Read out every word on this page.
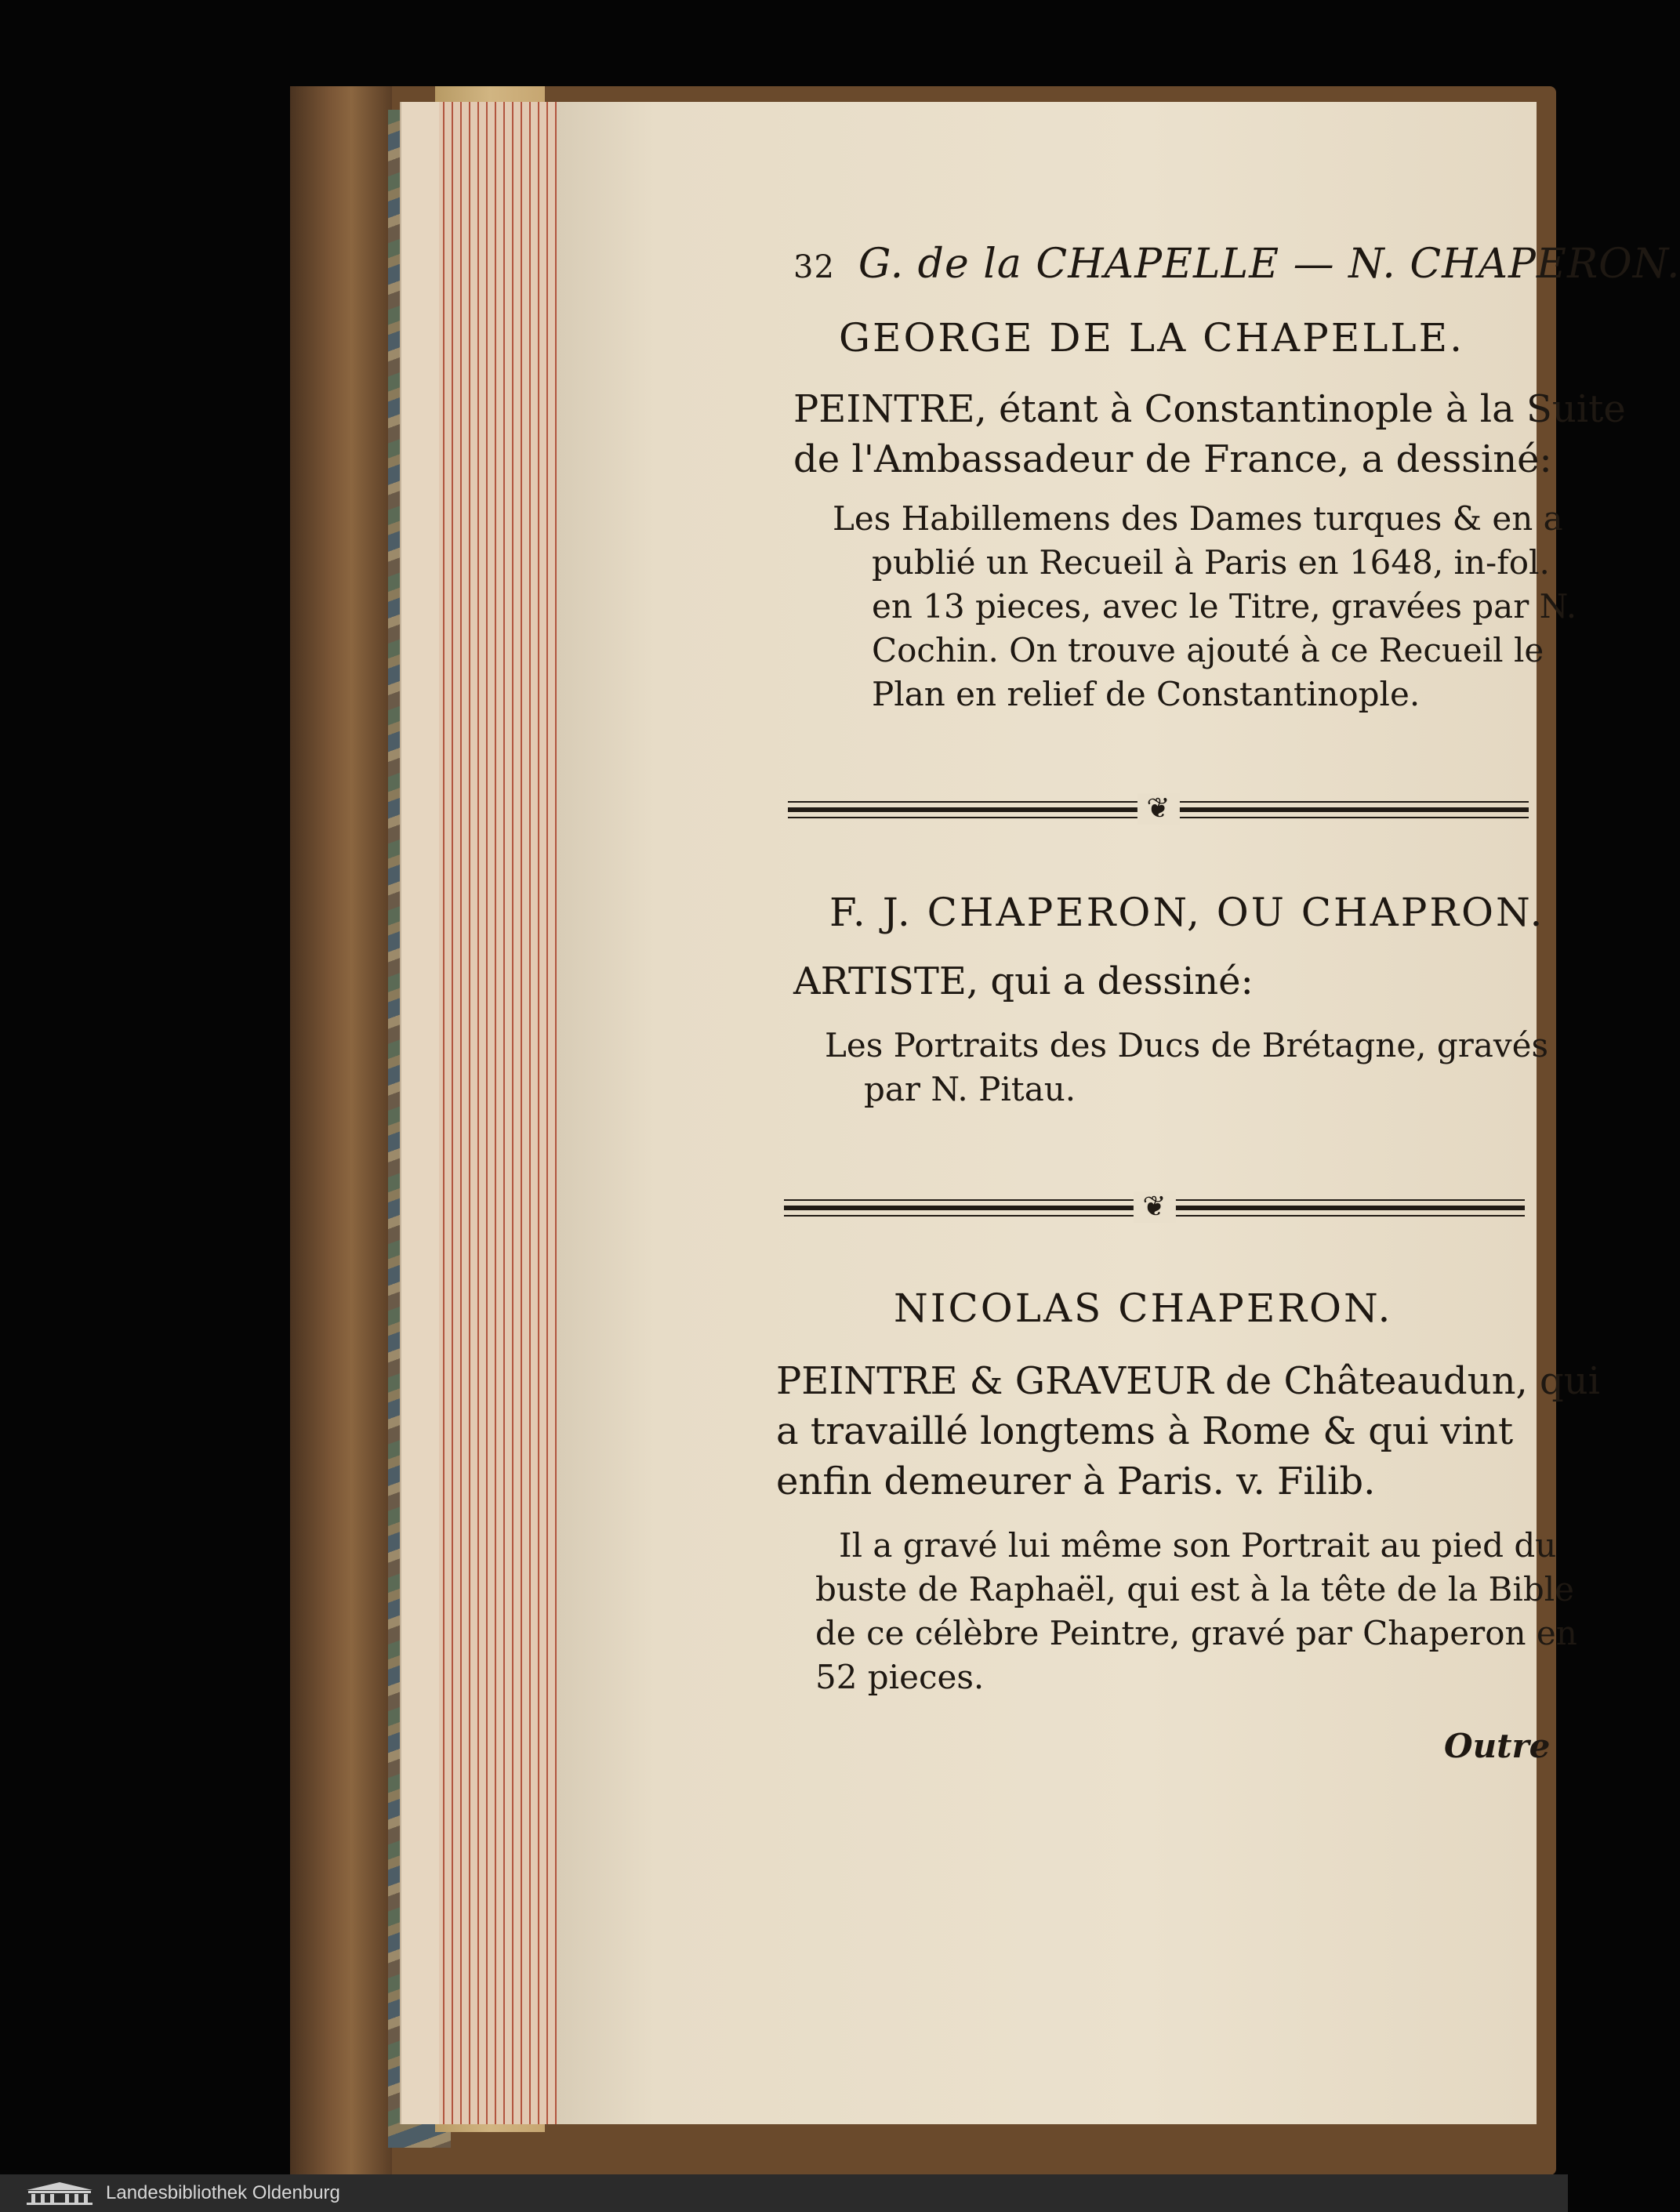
32 G. de la CHAPELLE — N. CHAPERON.
GEORGE DE LA CHAPELLE.
PEINTRE, étant à Constantinople à la Suite
de l'Ambassadeur de France, a dessiné:
Les Habillemens des Dames turques & en a
publié un Recueil à Paris en 1648, in-fol.
en 13 pieces, avec le Titre, gravées par N.
Cochin. On trouve ajouté à ce Recueil le
Plan en relief de Constantinople.
❦
F. J. CHAPERON, OU CHAPRON.
ARTISTE, qui a dessiné:
Les Portraits des Ducs de Brétagne, gravés
par N. Pitau.
❦
NICOLAS CHAPERON.
PEINTRE & GRAVEUR de Châteaudun, qui
a travaillé longtems à Rome & qui vint
enfin demeurer à Paris. v. Filib.
Il a gravé lui même son Portrait au pied du
buste de Raphaël, qui est à la tête de la Bible
de ce célèbre Peintre, gravé par Chaperon en
52 pieces.
Outre
Landesbibliothek Oldenburg
